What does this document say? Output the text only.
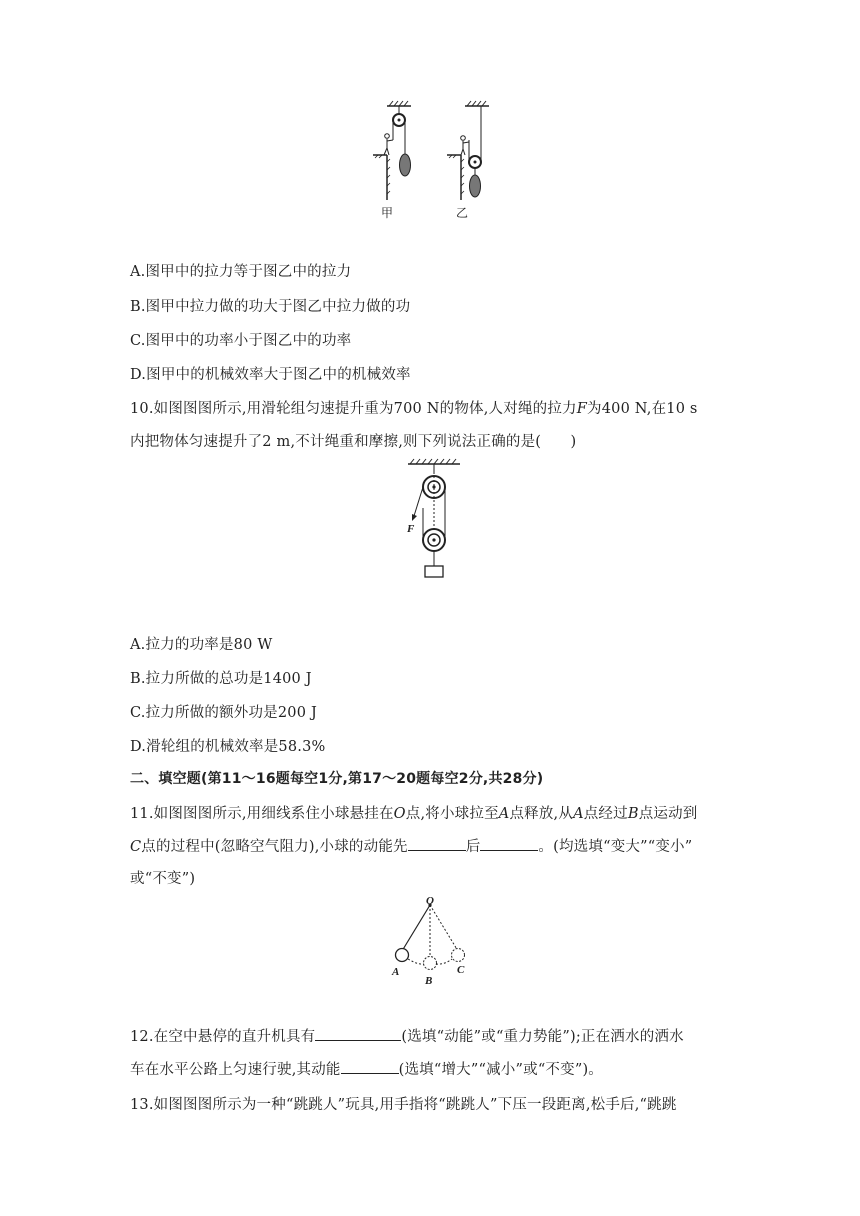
甲	乙
A.图甲中的拉力等于图乙中的拉力
B.图甲中拉力做的功大于图乙中拉力做的功
C.图甲中的功率小于图乙中的功率
D.图甲中的机械效率大于图乙中的机械效率
10.如图图图所示,用滑轮组匀速提升重为700 N的物体,人对绳的拉力F为400 N,在10 s
内把物体匀速提升了2 m,不计绳重和摩擦,则下列说法正确的是(　　)
F
A.拉力的功率是80 W
B.拉力所做的总功是1400 J
C.拉力所做的额外功是200 J
D.滑轮组的机械效率是58.3%
二、填空题(第11～16题每空1分,第17～20题每空2分,共28分)
11.如图图图所示,用细线系住小球悬挂在O点,将小球拉至A点释放,从A点经过B点运动到
C点的过程中(忽略空气阻力),小球的动能先	后	。(均选填“变大”“变小”
或“不变”)
O
A
B
C
12.在空中悬停的直升机具有	(选填“动能”或“重力势能”);正在洒水的洒水
车在水平公路上匀速行驶,其动能	(选填“增大”“减小”或“不变”)。
13.如图图图所示为一种“跳跳人”玩具,用手指将“跳跳人”下压一段距离,松手后,“跳跳
